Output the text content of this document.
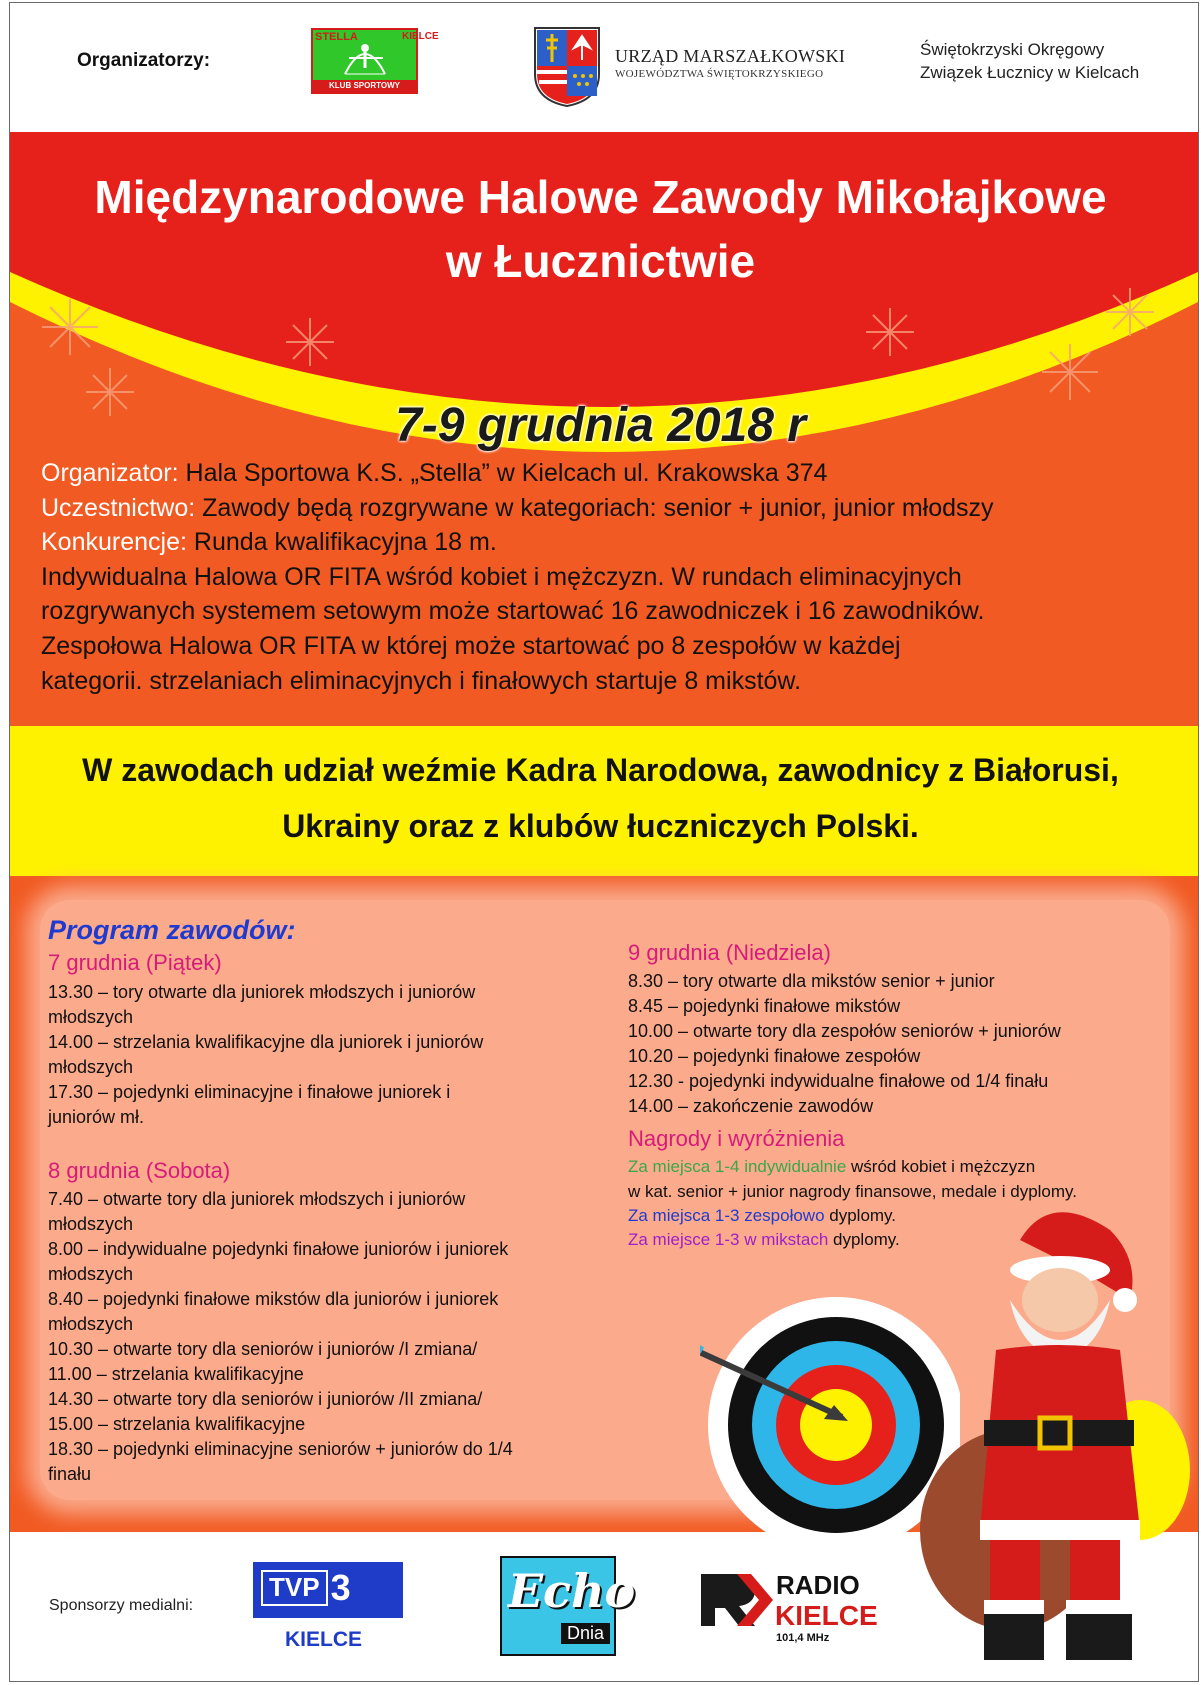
Organizatorzy:
STELLA	KIELCE
KLUB SPORTOWY
URZĄD MARSZAŁKOWSKI
WOJEWÓDZTWA ŚWIĘTOKRZYSKIEGO
Świętokrzyski Okręgowy
Związek Łucznicy w Kielcach
Międzynarodowe Halowe Zawody Mikołajkowe
w Łucznictwie
7-9 grudnia 2018 r
Organizator: Hala Sportowa K.S. „Stella” w Kielcach ul. Krakowska 374
Uczestnictwo: Zawody będą rozgrywane w kategoriach: senior + junior, junior młodszy
Konkurencje: Runda kwalifikacyjna 18 m.
Indywidualna Halowa OR FITA wśród kobiet i mężczyzn. W rundach eliminacyjnych
rozgrywanych systemem setowym może startować 16 zawodniczek i 16 zawodników.
Zespołowa Halowa OR FITA w której może startować po 8 zespołów w każdej
kategorii. strzelaniach eliminacyjnych i finałowych startuje 8 mikstów.
W zawodach udział weźmie Kadra Narodowa, zawodnicy z Białorusi,
Ukrainy oraz z klubów łuczniczych Polski.
Program zawodów:
7 grudnia (Piątek)
13.30 – tory otwarte dla juniorek młodszych i juniorów
młodszych
14.00 – strzelania kwalifikacyjne dla juniorek i juniorów
młodszych
17.30 – pojedynki eliminacyjne i finałowe juniorek i
juniorów mł.
8 grudnia (Sobota)
7.40 – otwarte tory dla juniorek młodszych i juniorów
młodszych
8.00 – indywidualne pojedynki finałowe juniorów i juniorek
młodszych
8.40 – pojedynki finałowe mikstów dla juniorów i juniorek
młodszych
10.30 – otwarte tory dla seniorów i juniorów /I zmiana/
11.00 – strzelania kwalifikacyjne
14.30 – otwarte tory dla seniorów i juniorów /II zmiana/
15.00 – strzelania kwalifikacyjne
18.30 – pojedynki eliminacyjne seniorów + juniorów do 1/4
finału
9 grudnia (Niedziela)
8.30 – tory otwarte dla mikstów senior + junior
8.45 – pojedynki finałowe mikstów
10.00 – otwarte tory dla zespołów seniorów + juniorów
10.20 – pojedynki finałowe zespołów
12.30 - pojedynki indywidualne finałowe od 1/4 finału
14.00 – zakończenie zawodów
Nagrody i wyróżnienia
Za miejsca 1-4 indywidualnie wśród kobiet i mężczyzn
w kat. senior + junior nagrody finansowe, medale i dyplomy.
Za miejsca 1-3 zespołowo dyplomy.
Za miejsce 1-3 w mikstach dyplomy.
Sponsorzy medialni:
TVP 3
KIELCE
Echo
Dnia
RADIO
KIELCE
101,4 MHz
